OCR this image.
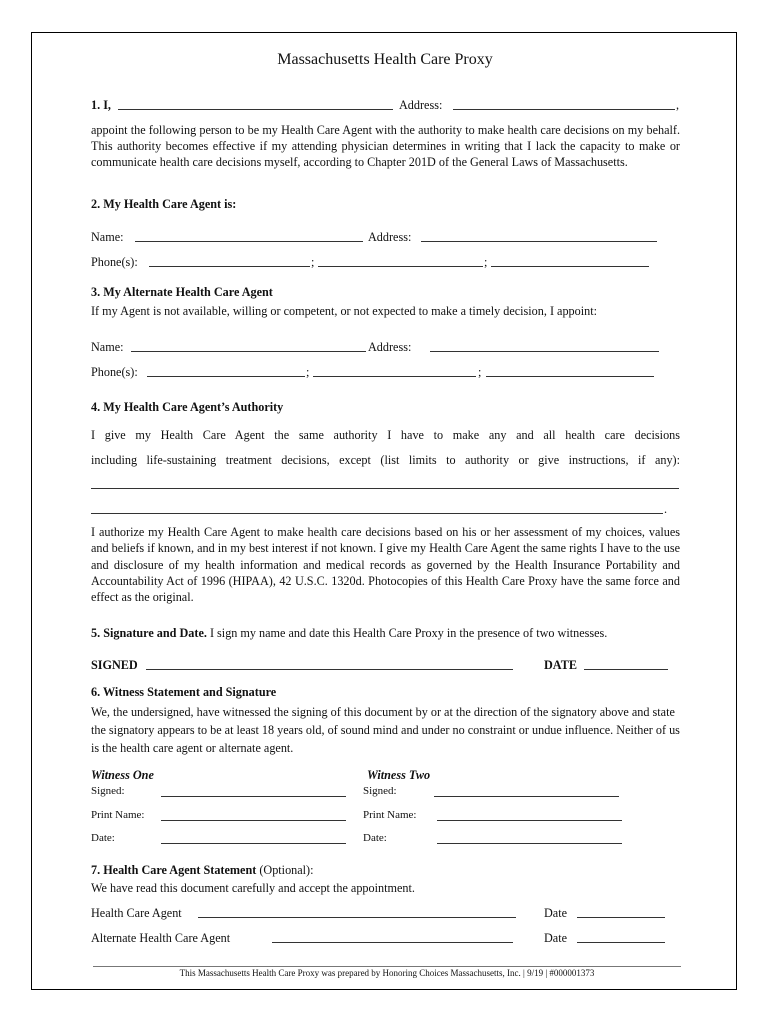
Massachusetts Health Care Proxy
1. I,	Address:	,
appoint the following person to be my Health Care Agent with the authority to make health care decisions on my behalf. This authority becomes effective if my attending physician determines in writing that I lack the capacity to make or communicate health care decisions myself, according to Chapter 201D of the General Laws of Massachusetts.
2. My Health Care Agent is:
Name:	Address:
Phone(s):	;	;
3. My Alternate Health Care Agent
If my Agent is not available, willing or competent, or not expected to make a timely decision, I appoint:
Name:	Address:
Phone(s):	;	;
4. My Health Care Agent’s Authority
I give my Health Care Agent the same authority I have to make any and all health care decisions
including life-sustaining treatment decisions, except (list limits to authority or give instructions, if any):
.
I authorize my Health Care Agent to make health care decisions based on his or her assessment of my choices, values and beliefs if known, and in my best interest if not known. I give my Health Care Agent the same rights I have to the use and disclosure of my health information and medical records as governed by the Health Insurance Portability and Accountability Act of 1996 (HIPAA), 42 U.S.C. 1320d. Photocopies of this Health Care Proxy have the same force and effect as the original.
5. Signature and Date. I sign my name and date this Health Care Proxy in the presence of two witnesses.
SIGNED	DATE
6. Witness Statement and Signature
We, the undersigned, have witnessed the signing of this document by or at the direction of the signatory above and state the signatory appears to be at least 18 years old, of sound mind and under no constraint or undue influence. Neither of us is the health care agent or alternate agent.
Witness One	Witness Two
Signed:	Signed:
Print Name:	Print Name:
Date:	Date:
7. Health Care Agent Statement (Optional):
We have read this document carefully and accept the appointment.
Health Care Agent	Date
Alternate Health Care Agent	Date
This Massachusetts Health Care Proxy was prepared by Honoring Choices Massachusetts, Inc. | 9/19 | #000001373
